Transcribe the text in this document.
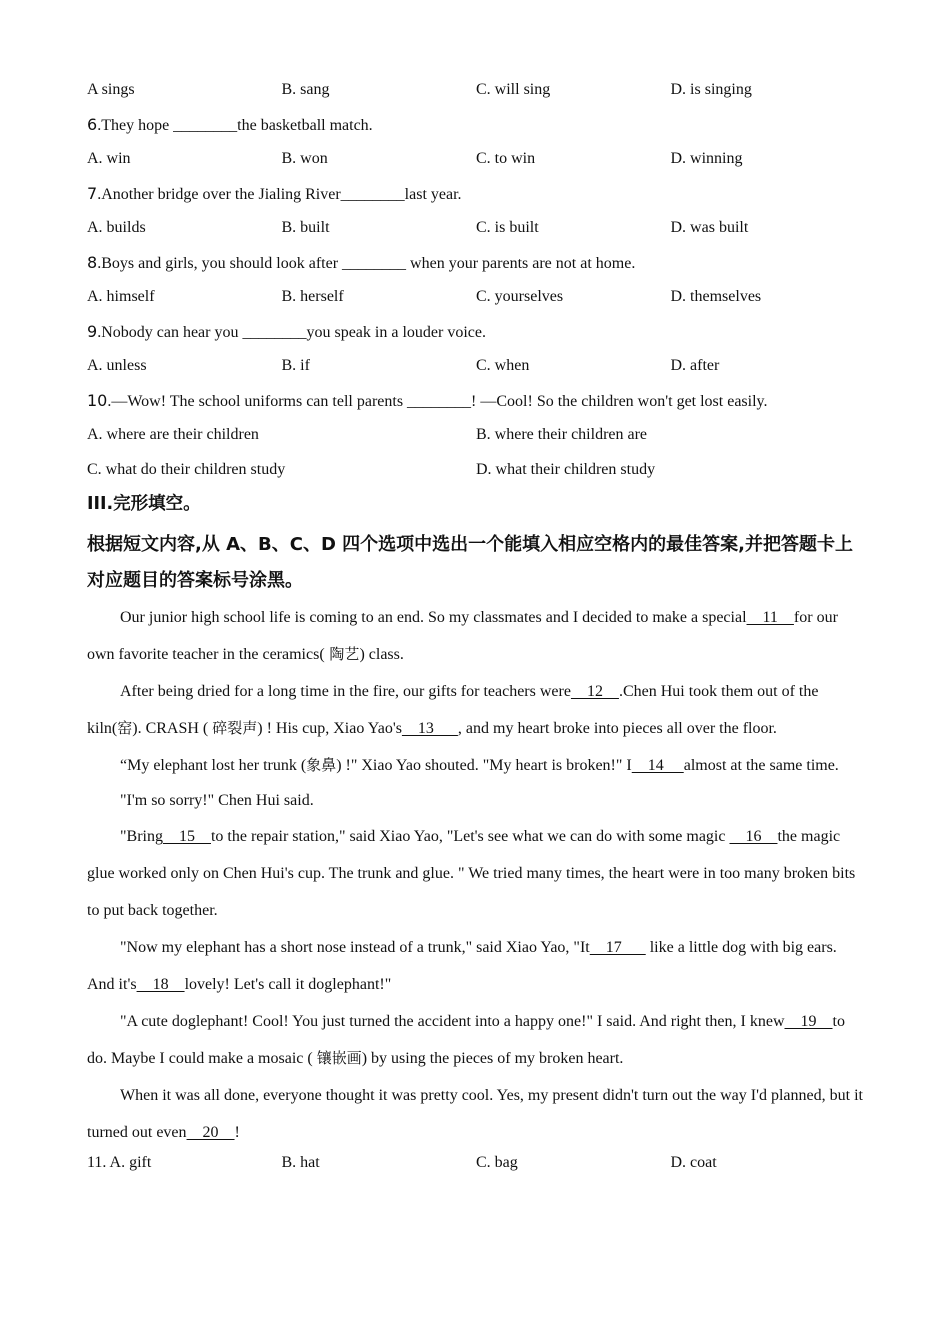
A sings	B. sang	C. will sing	D. is singing
6.They hope ________the basketball match.
A. win	B. won	C. to win	D. winning
7.Another bridge over the Jialing River________last year.
A. builds	B. built	C. is built	D. was built
8.Boys and girls, you should look after ________ when your parents are not at home.
A. himself	B. herself	C. yourselves	D. themselves
9.Nobody can hear you ________you speak in a louder voice.
A. unless	B. if	C. when	D. after
10.—Wow! The school uniforms can tell parents ________! —Cool! So the children won't get lost easily.
A. where are their children	B. where their children are
C. what do their children study	D. what their children study
III.完形填空。
根据短文内容,从 A、B、C、D 四个选项中选出一个能填入相应空格内的最佳答案,并把答题卡上对应题目的答案标号涂黑。

Our junior high school life is coming to an end. So my classmates and I decided to make a special    11    for our own favorite teacher in the ceramics( 陶艺) class.

After being dried for a long time in the fire, our gifts for teachers were    12    .Chen Hui took them out of the kiln(窑). CRASH ( 碎裂声) ! His cup, Xiao Yao's    13      , and my heart broke into pieces all over the floor.

“My elephant lost her trunk (象鼻) !" Xiao Yao shouted. "My heart is broken!" I    14     almost at the same time.

"I'm so sorry!" Chen Hui said.

"Bring    15    to the repair station," said Xiao Yao, "Let's see what we can do with some magic     16    the magic glue worked only on Chen Hui's cup. The trunk and glue. " We tried many times, the heart were in too many broken bits to put back together.

"Now my elephant has a short nose instead of a trunk," said Xiao Yao, "It    17       like a little dog with big ears. And it's    18    lovely! Let's call it doglephant!"

"A cute doglephant! Cool! You just turned the accident into a happy one!" I said. And right then, I knew    19    to do. Maybe I could make a mosaic ( 镶嵌画) by using the pieces of my broken heart.

When it was all done, everyone thought it was pretty cool. Yes, my present didn't turn out the way I'd planned, but it turned out even    20    !

11. A. gift	B. hat	C. bag	D. coat
